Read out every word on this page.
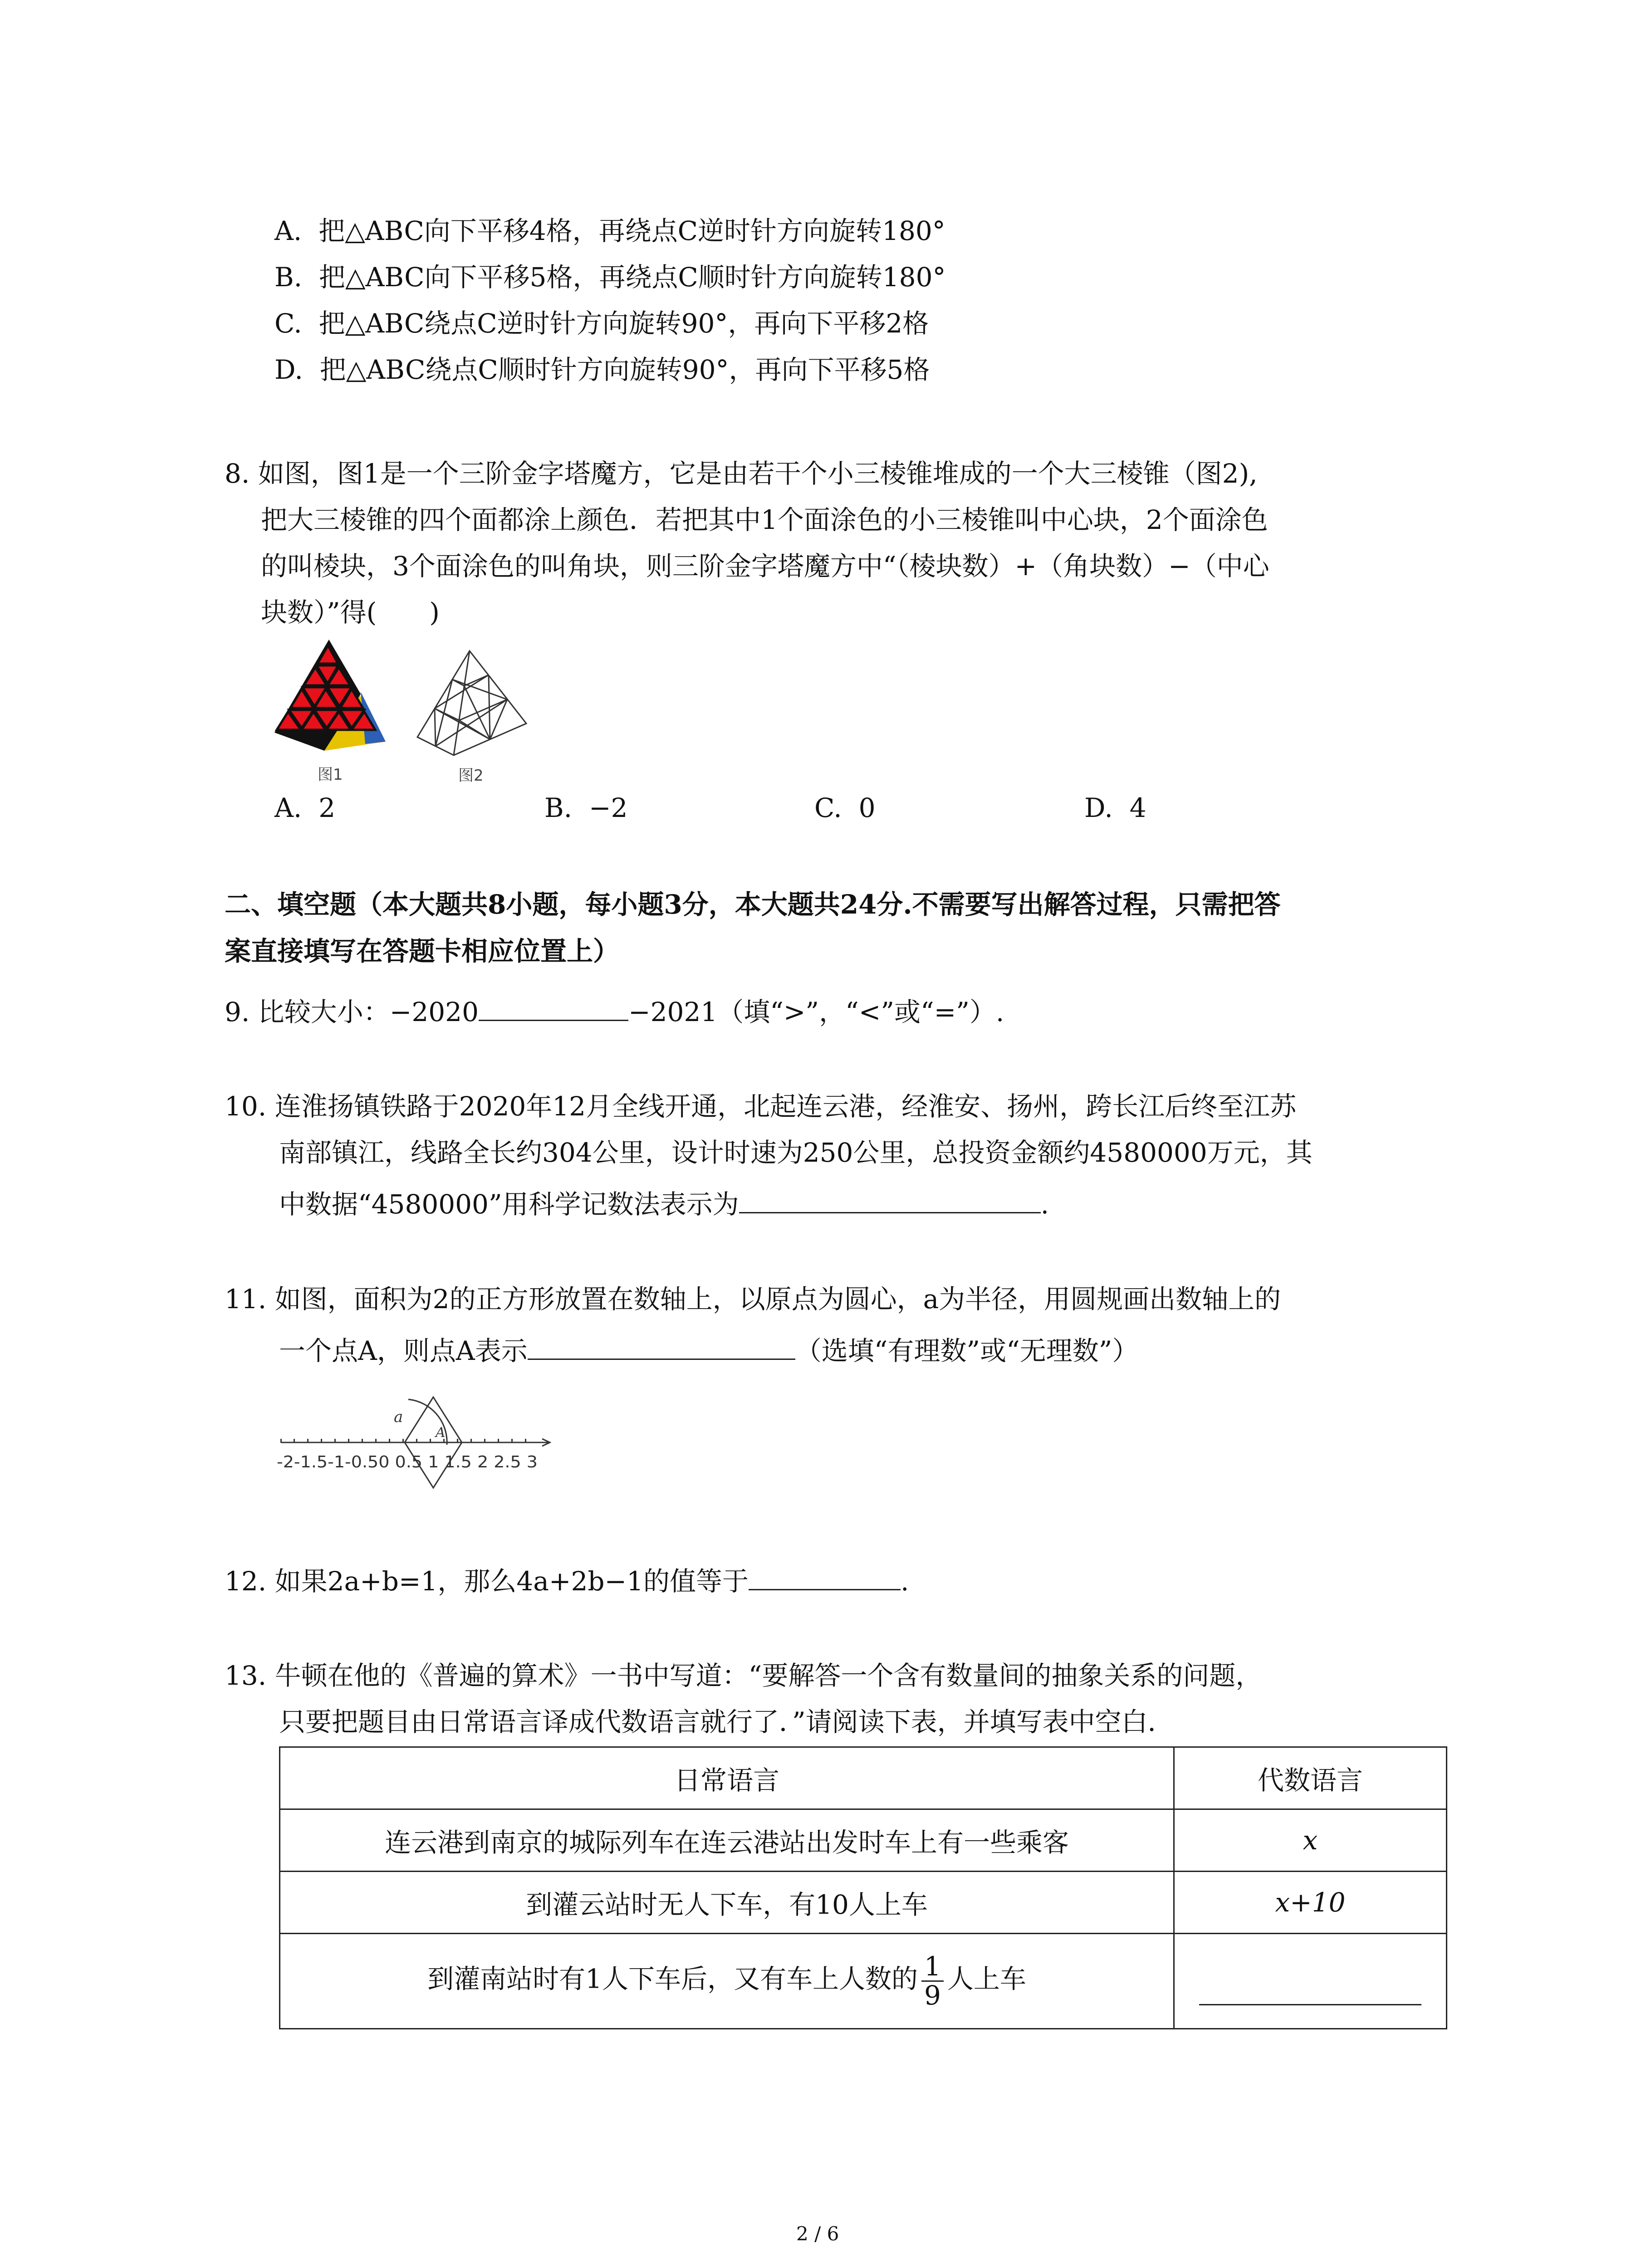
A. 把△ABC向下平移4格，再绕点C逆时针方向旋转180°
B. 把△ABC向下平移5格，再绕点C顺时针方向旋转180°
C. 把△ABC绕点C逆时针方向旋转90°，再向下平移2格
D. 把△ABC绕点C顺时针方向旋转90°，再向下平移5格
8. 如图，图1是一个三阶金字塔魔方，它是由若干个小三棱锥堆成的一个大三棱锥（图2),
把大三棱锥的四个面都涂上颜色．若把其中1个面涂色的小三棱锥叫中心块，2个面涂色
的叫棱块，3个面涂色的叫角块，则三阶金字塔魔方中“（棱块数）+（角块数）−（中心
块数）”得(　　)
图1	图2
A. 2	B. −2	C. 0	D. 4
二、填空题（本大题共8小题，每小题3分，本大题共24分.不需要写出解答过程，只需把答
案直接填写在答题卡相应位置上）
9. 比较大小：−2020	−2021（填“>”，“<”或“=”）.
10. 连淮扬镇铁路于2020年12月全线开通，北起连云港，经淮安、扬州，跨长江后终至江苏
南部镇江，线路全长约304公里，设计时速为250公里，总投资金额约4580000万元，其
中数据“4580000”用科学记数法表示为	.
11. 如图，面积为2的正方形放置在数轴上，以原点为圆心，a为半径，用圆规画出数轴上的
一个点A，则点A表示	（选填“有理数”或“无理数”）
a
A
-2-1.5-1-0.50 0.5 1 1.5 2 2.5 3
12. 如果2a+b=1，那么4a+2b−1的值等于	.
13. 牛顿在他的《普遍的算术》一书中写道：“要解答一个含有数量间的抽象关系的问题，
只要把题目由日常语言译成代数语言就行了．”请阅读下表，并填写表中空白．
日常语言	代数语言
连云港到南京的城际列车在连云港站出发时车上有一些乘客	x
到灌云站时无人下车，有10人上车	x+10
到灌南站时有1人下车后，又有车上人数的 $\frac{1}{9}$ 人上车	
2 / 6
